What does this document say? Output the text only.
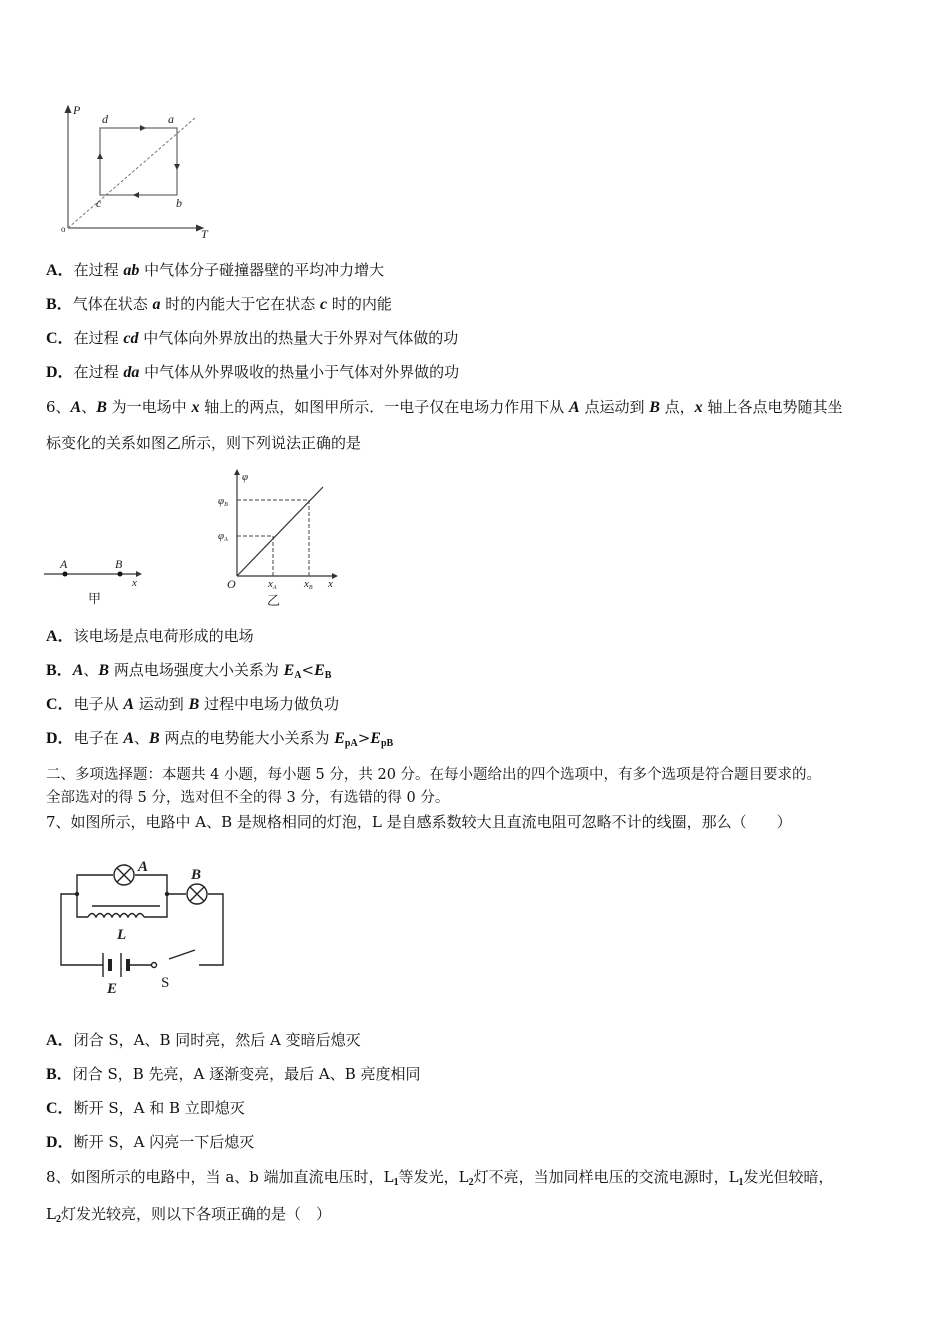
P
T
o
d	a
b
c
A．在过程 ab 中气体分子碰撞器壁的平均冲力增大
B．气体在状态 a 时的内能大于它在状态 c 时的内能
C．在过程 cd 中气体向外界放出的热量大于外界对气体做的功
D．在过程 da 中气体从外界吸收的热量小于气体对外界做的功
6、A、B 为一电场中 x 轴上的两点，如图甲所示．一电子仅在电场力作用下从 A 点运动到 B 点，x 轴上各点电势随其坐
标变化的关系如图乙所示，则下列说法正确的是
A	B
x
甲
φ
φB
φA
O	xA xB x
乙
A．该电场是点电荷形成的电场
B．A、B 两点电场强度大小关系为 $E_A<E_B$
C．电子从 A 运动到 B 过程中电场力做负功
D．电子在 A、B 两点的电势能大小关系为 $E_{pA}>E_{pB}$
二、多项选择题：本题共 4 小题，每小题 5 分，共 20 分。在每小题给出的四个选项中，有多个选项是符合题目要求的。
全部选对的得 5 分，选对但不全的得 3 分，有选错的得 0 分。
7、如图所示，电路中 A、B 是规格相同的灯泡，L 是自感系数较大且直流电阻可忽略不计的线圈，那么（　　）
A	B
L
E	S
A．闭合 S，A、B 同时亮，然后 A 变暗后熄灭
B．闭合 S，B 先亮，A 逐渐变亮，最后 A、B 亮度相同
C．断开 S，A 和 B 立即熄灭
D．断开 S，A 闪亮一下后熄灭
8、如图所示的电路中，当 a、b 端加直流电压时，$L_1$等发光，$L_2$灯不亮，当加同样电压的交流电源时，$L_1$发光但较暗，
$L_2$灯发光较亮，则以下各项正确的是（　）
